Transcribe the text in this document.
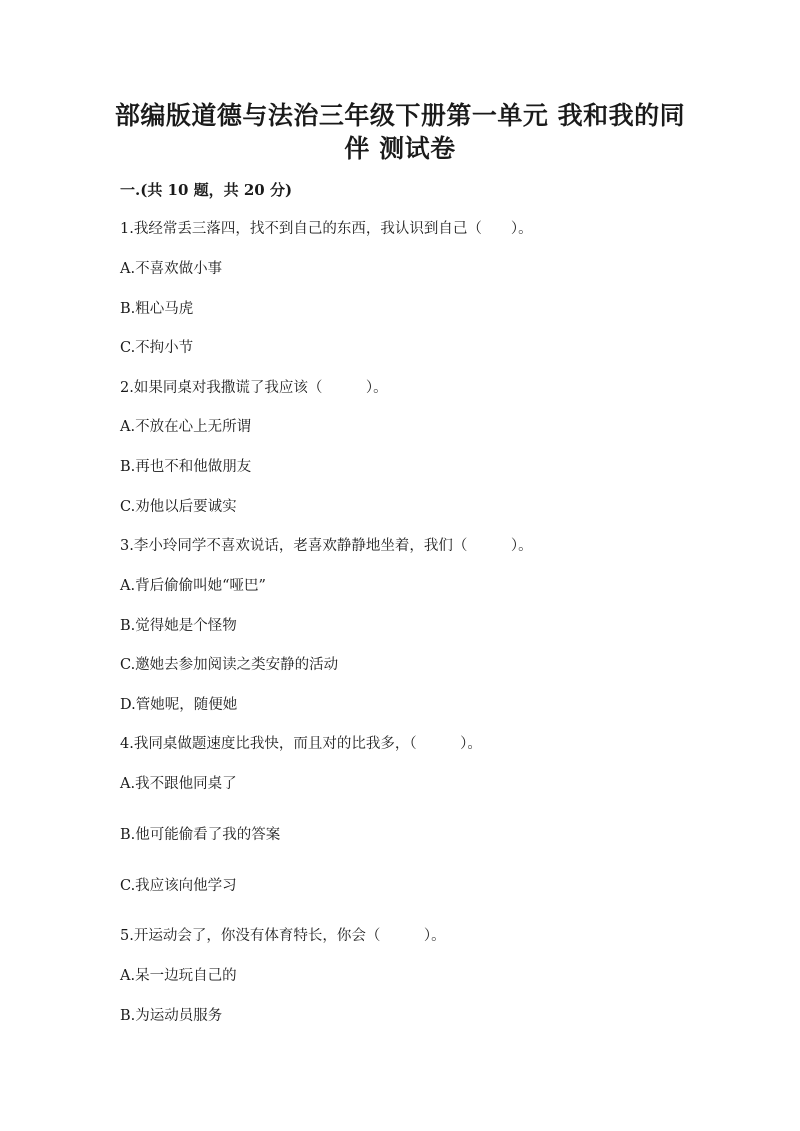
部编版道德与法治三年级下册第一单元 我和我的同
伴 测试卷
一.(共 10 题，共 20 分)
1.我经常丢三落四，找不到自己的东西，我认识到自己（　　）。
A.不喜欢做小事
B.粗心马虎
C.不拘小节
2.如果同桌对我撒谎了我应该（　　　）。
A.不放在心上无所谓
B.再也不和他做朋友
C.劝他以后要诚实
3.李小玲同学不喜欢说话，老喜欢静静地坐着，我们（　　　）。
A.背后偷偷叫她“哑巴”
B.觉得她是个怪物
C.邀她去参加阅读之类安静的活动
D.管她呢，随便她
4.我同桌做题速度比我快，而且对的比我多，（　　　）。
A.我不跟他同桌了
B.他可能偷看了我的答案
C.我应该向他学习
5.开运动会了，你没有体育特长，你会（　　　）。
A.呆一边玩自己的
B.为运动员服务
